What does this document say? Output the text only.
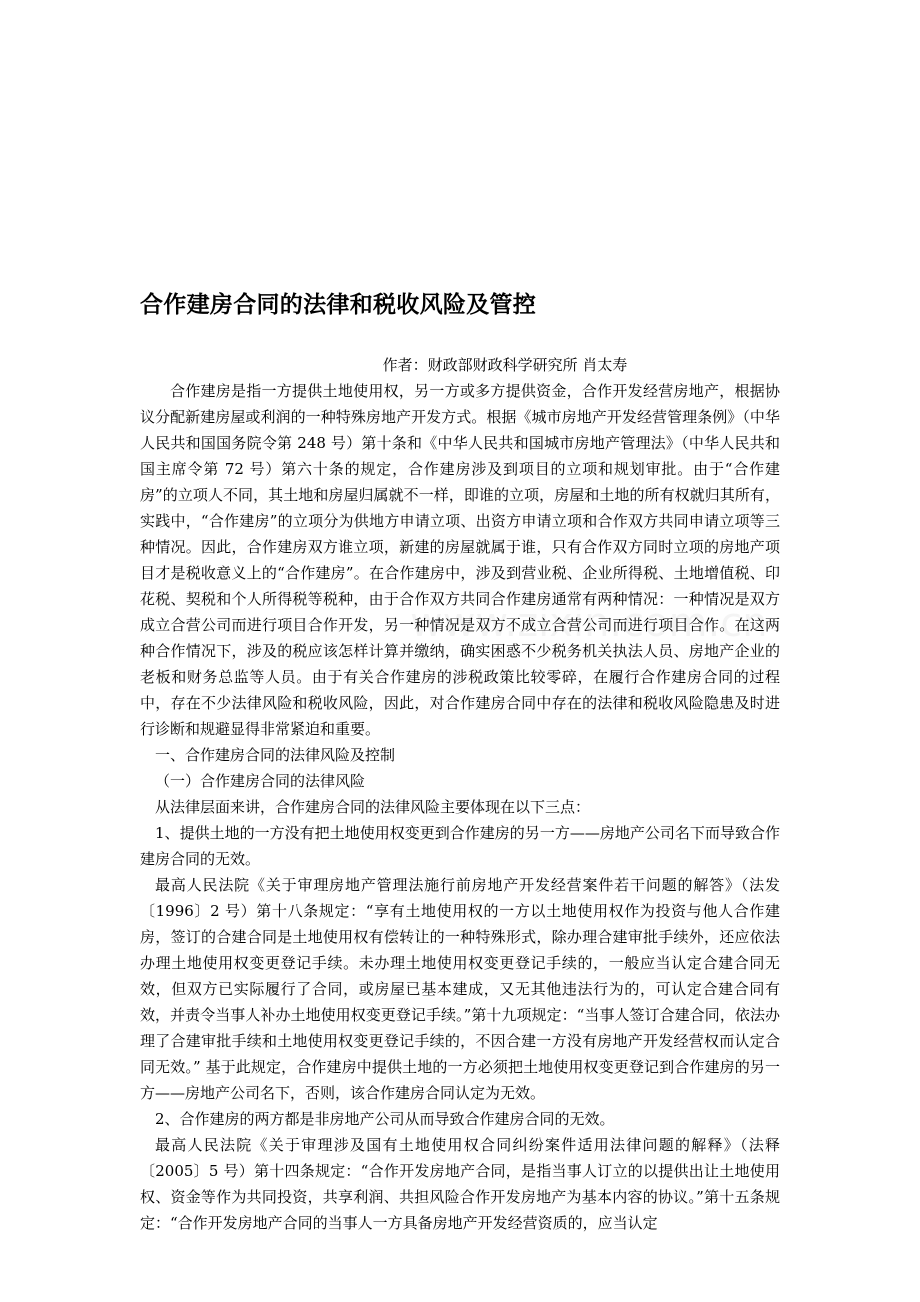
合作建房合同的法律和税收风险及管控

作者：财政部财政科学研究所 肖太寿

合作建房是指一方提供土地使用权，另一方或多方提供资金，合作开发经营房地产，根据协议分配新建房屋或利润的一种特殊房地产开发方式。根据《城市房地产开发经营管理条例》（中华人民共和国国务院令第 248 号）第十条和《中华人民共和国城市房地产管理法》（中华人民共和国主席令第 72 号）第六十条的规定，合作建房涉及到项目的立项和规划审批。由于“合作建房”的立项人不同，其土地和房屋归属就不一样，即谁的立项，房屋和土地的所有权就归其所有，实践中，“合作建房”的立项分为供地方申请立项、出资方申请立项和合作双方共同申请立项等三种情况。因此，合作建房双方谁立项，新建的房屋就属于谁，只有合作双方同时立项的房地产项目才是税收意义上的“合作建房”。在合作建房中，涉及到营业税、企业所得税、土地增值税、印花税、契税和个人所得税等税种，由于合作双方共同合作建房通常有两种情况：一种情况是双方成立合营公司而进行项目合作开发，另一种情况是双方不成立合营公司而进行项目合作。在这两种合作情况下，涉及的税应该怎样计算并缴纳，确实困惑不少税务机关执法人员、房地产企业的老板和财务总监等人员。由于有关合作建房的涉税政策比较零碎，在履行合作建房合同的过程中，存在不少法律风险和税收风险，因此，对合作建房合同中存在的法律和税收风险隐患及时进行诊断和规避显得非常紧迫和重要。

一、合作建房合同的法律风险及控制

（一）合作建房合同的法律风险

从法律层面来讲，合作建房合同的法律风险主要体现在以下三点：

1、提供土地的一方没有把土地使用权变更到合作建房的另一方——房地产公司名下而导致合作建房合同的无效。

最高人民法院《关于审理房地产管理法施行前房地产开发经营案件若干问题的解答》（法发〔1996〕2 号）第十八条规定：“享有土地使用权的一方以土地使用权作为投资与他人合作建房，签订的合建合同是土地使用权有偿转让的一种特殊形式，除办理合建审批手续外，还应依法办理土地使用权变更登记手续。未办理土地使用权变更登记手续的，一般应当认定合建合同无效，但双方已实际履行了合同，或房屋已基本建成，又无其他违法行为的，可认定合建合同有效，并责令当事人补办土地使用权变更登记手续。”第十九项规定：“当事人签订合建合同，依法办理了合建审批手续和土地使用权变更登记手续的，不因合建一方没有房地产开发经营权而认定合同无效。” 基于此规定，合作建房中提供土地的一方必须把土地使用权变更登记到合作建房的另一方——房地产公司名下，否则，该合作建房合同认定为无效。

2、合作建房的两方都是非房地产公司从而导致合作建房合同的无效。

最高人民法院《关于审理涉及国有土地使用权合同纠纷案件适用法律问题的解释》（法释〔2005〕5 号）第十四条规定：“合作开发房地产合同，是指当事人订立的以提供出让土地使用权、资金等作为共同投资，共享利润、共担风险合作开发房地产为基本内容的协议。”第十五条规定：“合作开发房地产合同的当事人一方具备房地产开发经营资质的，应当认定
